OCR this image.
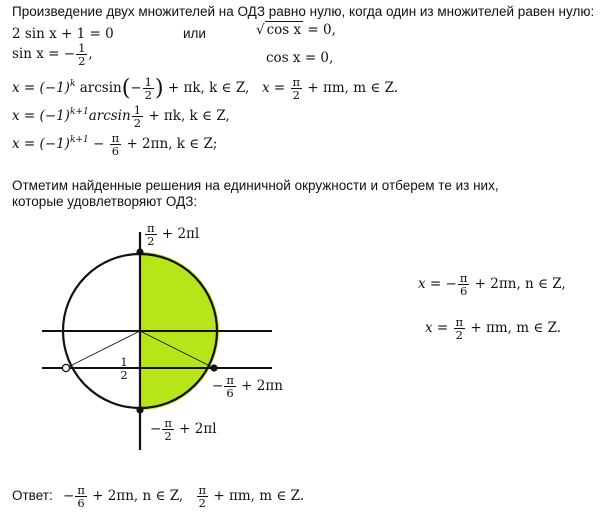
Произведение двух множителей на ОДЗ равно нулю, когда один из множителей равен нулю:
2 sin x + 1 = 0
sin x = − $\frac{1}{2}$ ,
$x = (-1)^k$ $\arcsin(- \frac{1}{2}$ ) + πk, k ∈ Z,
$x = (-1)^{k+1}\arcsin \frac{1}{2} + \pi k$, k ∈ Z,
$x = (-1)^{k+1} - \frac{\pi}{6} + 2\pi n$, k ∈ Z;
или	√ cos x = 0,
cos x = 0,
$x = \frac{\pi}{2} + \pi m$, m ∈ Z.
Отметим найденные решения на единичной окружности и отберем те из них,
которые удовлетворяют ОДЗ:
$\frac{\pi}{2} + 2\pi l$
− $\frac{1}{2}$
− $\frac{\pi}{6} + 2\pi n$
− $\frac{\pi}{2} + 2\pi l$
x = − $\frac{\pi}{6} + 2\pi n$, n ∈ Z,
$x = \frac{\pi}{2} + \pi m$, m ∈ Z.
Ответ: − $\frac{\pi}{6} + 2\pi n$, n ∈ Z, $\frac{\pi}{2} + \pi m$, m ∈ Z.
